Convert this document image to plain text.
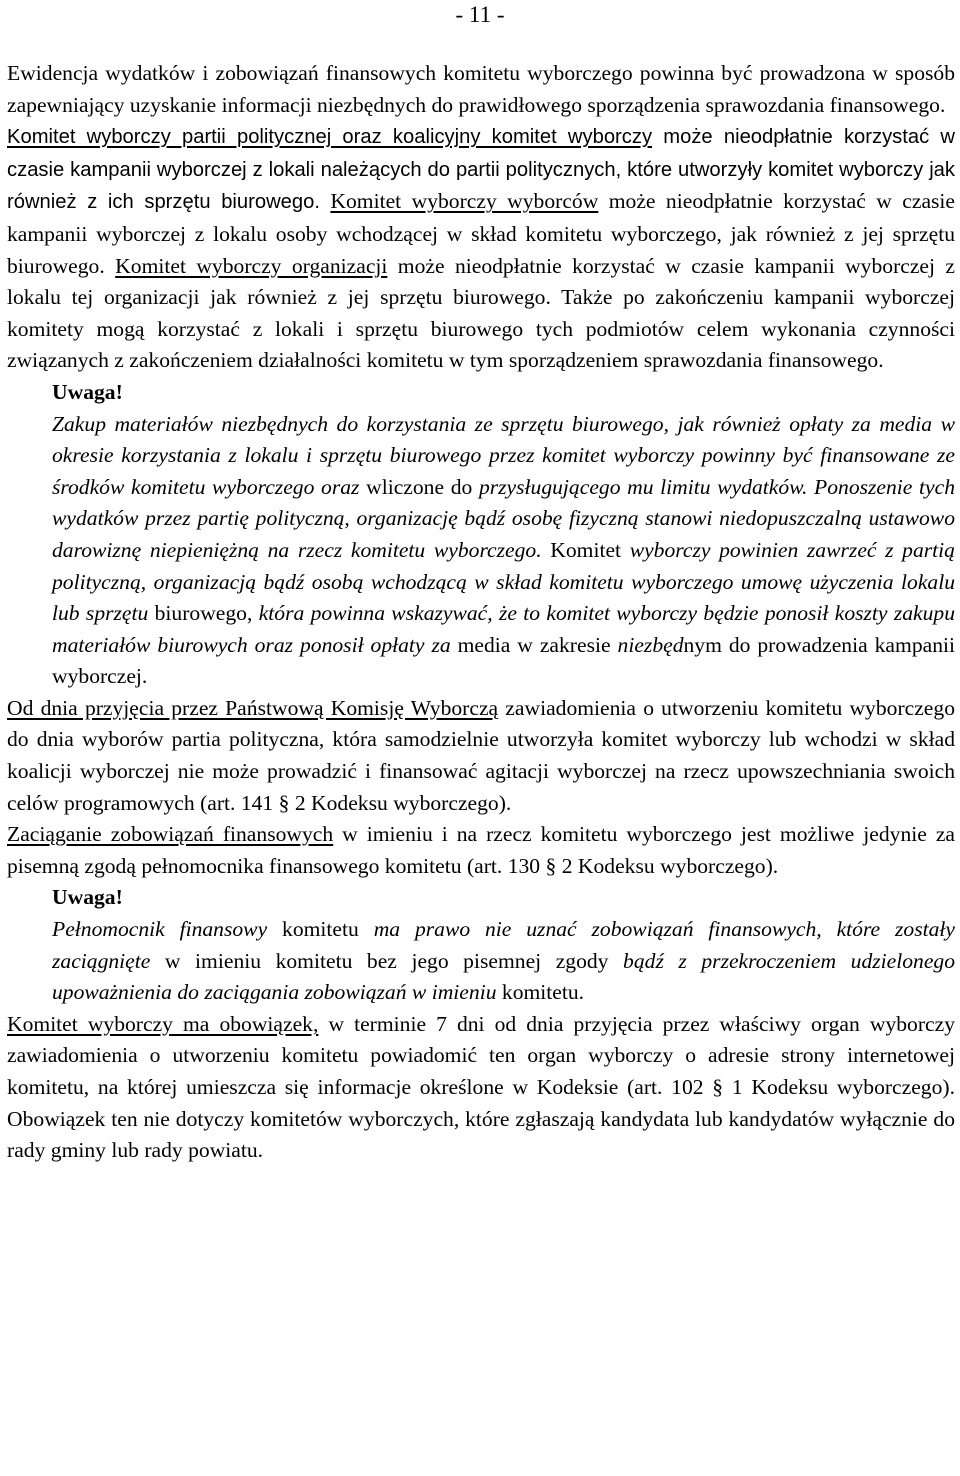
- 11 -

Ewidencja wydatków i zobowiązań finansowych komitetu wyborczego powinna być prowadzona w sposób zapewniający uzyskanie informacji niezbędnych do prawidłowego sporządzenia sprawozdania finansowego.

Komitet wyborczy partii politycznej oraz koalicyjny komitet wyborczy może nieodpłatnie korzystać w czasie kampanii wyborczej z lokali należących do partii politycznych, które utworzyły komitet wyborczy jak również z ich sprzętu biurowego. Komitet wyborczy wyborców może nieodpłatnie korzystać w czasie kampanii wyborczej z lokalu osoby wchodzącej w skład komitetu wyborczego, jak również z jej sprzętu biurowego. Komitet wyborczy organizacji może nieodpłatnie korzystać w czasie kampanii wyborczej z lokalu tej organizacji jak również z jej sprzętu biurowego. Także po zakończeniu kampanii wyborczej komitety mogą korzystać z lokali i sprzętu biurowego tych podmiotów celem wykonania czynności związanych z zakończeniem działalności komitetu w tym sporządzeniem sprawozdania finansowego.

Uwaga!

Zakup materiałów niezbędnych do korzystania ze sprzętu biurowego, jak również opłaty za media w okresie korzystania z lokalu i sprzętu biurowego przez komitet wyborczy powinny być finansowane ze środków komitetu wyborczego oraz wliczone do przysługującego mu limitu wydatków. Ponoszenie tych wydatków przez partię polityczną, organizację bądź osobę fizyczną stanowi niedopuszczalną ustawowo darowiznę niepieniężną na rzecz komitetu wyborczego. Komitet wyborczy powinien zawrzeć z partią polityczną, organizacją bądź osobą wchodzącą w skład komitetu wyborczego umowę użyczenia lokalu lub sprzętu biurowego, która powinna wskazywać, że to komitet wyborczy będzie ponosił koszty zakupu materiałów biurowych oraz ponosił opłaty za media w zakresie niezbędnym do prowadzenia kampanii wyborczej.

Od dnia przyjęcia przez Państwową Komisję Wyborczą zawiadomienia o utworzeniu komitetu wyborczego do dnia wyborów partia polityczna, która samodzielnie utworzyła komitet wyborczy lub wchodzi w skład koalicji wyborczej nie może prowadzić i finansować agitacji wyborczej na rzecz upowszechniania swoich celów programowych (art. 141 § 2 Kodeksu wyborczego).

Zaciąganie zobowiązań finansowych w imieniu i na rzecz komitetu wyborczego jest możliwe jedynie za pisemną zgodą pełnomocnika finansowego komitetu (art. 130 § 2 Kodeksu wyborczego).

Uwaga!

Pełnomocnik finansowy komitetu ma prawo nie uznać zobowiązań finansowych, które zostały zaciągnięte w imieniu komitetu bez jego pisemnej zgody bądź z przekroczeniem udzielonego upoważnienia do zaciągania zobowiązań w imieniu komitetu.

Komitet wyborczy ma obowiązek, w terminie 7 dni od dnia przyjęcia przez właściwy organ wyborczy zawiadomienia o utworzeniu komitetu powiadomić ten organ wyborczy o adresie strony internetowej komitetu, na której umieszcza się informacje określone w Kodeksie (art. 102 § 1 Kodeksu wyborczego). Obowiązek ten nie dotyczy komitetów wyborczych, które zgłaszają kandydata lub kandydatów wyłącznie do rady gminy lub rady powiatu.
